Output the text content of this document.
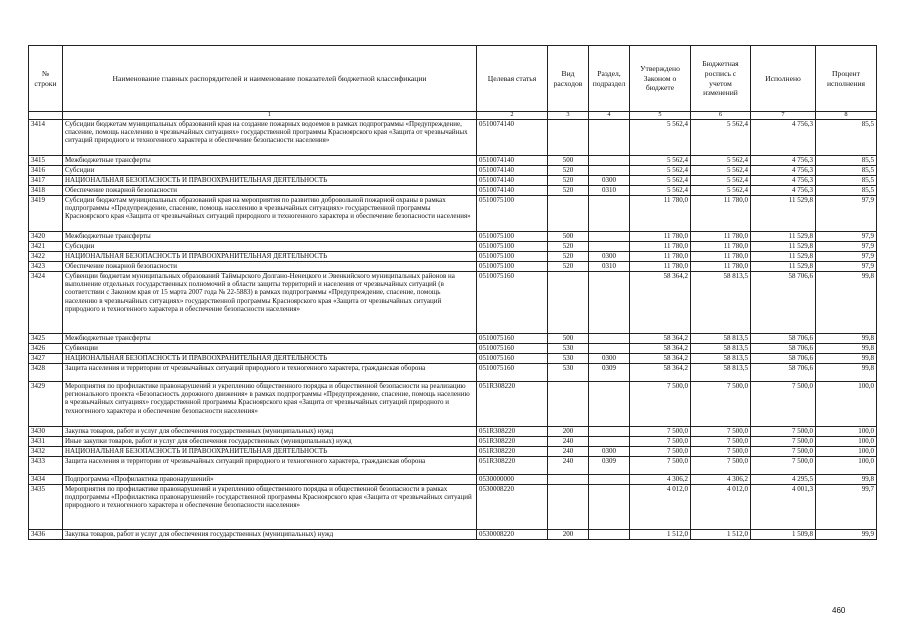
№ строки	Наименование главных распорядителей и наименование показателей бюджетной классификации	Целевая статья	Вид расходов	Раздел, подраздел	Утверждено Законом о бюджете	Бюджетная роспись с учетом изменений	Исполнено	Процент исполнения
	1	2	3	4	5	6	7	8
3414	Субсидии бюджетам муниципальных образований края на создание пожарных водоемов в рамках подпрограммы «Предупреждение, спасение, помощь населению в чрезвычайных ситуациях» государственной программы Красноярского края «Защита от чрезвычайных ситуаций природного и техногенного характера и обеспечение безопасности населения»	0510074140			5 562,4	5 562,4	4 756,3	85,5
3415	Межбюджетные трансферты	0510074140	500		5 562,4	5 562,4	4 756,3	85,5
3416	Субсидии	0510074140	520		5 562,4	5 562,4	4 756,3	85,5
3417	НАЦИОНАЛЬНАЯ БЕЗОПАСНОСТЬ И ПРАВООХРАНИТЕЛЬНАЯ ДЕЯТЕЛЬНОСТЬ	0510074140	520	0300	5 562,4	5 562,4	4 756,3	85,5
3418	Обеспечение пожарной безопасности	0510074140	520	0310	5 562,4	5 562,4	4 756,3	85,5
3419	Субсидии бюджетам муниципальных образований края на мероприятия по развитию добровольной пожарной охраны в рамках подпрограммы «Предупреждение, спасение, помощь населению в чрезвычайных ситуациях» государственной программы Красноярского края «Защита от чрезвычайных ситуаций природного и техногенного характера и обеспечение безопасности населения»	0510075100			11 780,0	11 780,0	11 529,8	97,9
3420	Межбюджетные трансферты	0510075100	500		11 780,0	11 780,0	11 529,8	97,9
3421	Субсидии	0510075100	520		11 780,0	11 780,0	11 529,8	97,9
3422	НАЦИОНАЛЬНАЯ БЕЗОПАСНОСТЬ И ПРАВООХРАНИТЕЛЬНАЯ ДЕЯТЕЛЬНОСТЬ	0510075100	520	0300	11 780,0	11 780,0	11 529,8	97,9
3423	Обеспечение пожарной безопасности	0510075100	520	0310	11 780,0	11 780,0	11 529,8	97,9
3424	Субвенции бюджетам муниципальных образований Таймырского Долгано-Ненецкого и Эвенкийского муниципальных районов на выполнение отдельных государственных полномочий в области защиты территорий и населения от чрезвычайных ситуаций (в соответствии с Законом края от 15 марта 2007 года № 22-5883) в рамках подпрограммы «Предупреждение, спасение, помощь населению в чрезвычайных ситуациях» государственной программы Красноярского края «Защита от чрезвычайных ситуаций природного и техногенного характера и обеспечение безопасности населения»	0510075160			58 364,2	58 813,5	58 706,6	99,8
3425	Межбюджетные трансферты	0510075160	500		58 364,2	58 813,5	58 706,6	99,8
3426	Субвенции	0510075160	530		58 364,2	58 813,5	58 706,6	99,8
3427	НАЦИОНАЛЬНАЯ БЕЗОПАСНОСТЬ И ПРАВООХРАНИТЕЛЬНАЯ ДЕЯТЕЛЬНОСТЬ	0510075160	530	0300	58 364,2	58 813,5	58 706,6	99,8
3428	Защита населения и территории от чрезвычайных ситуаций природного и техногенного характера, гражданская оборона	0510075160	530	0309	58 364,2	58 813,5	58 706,6	99,8
3429	Мероприятия по профилактике правонарушений и укреплению общественного порядка и общественной безопасности на реализацию регионального проекта «Безопасность дорожного движения» в рамках подпрограммы «Предупреждение, спасение, помощь населению в чрезвычайных ситуациях» государственной программы Красноярского края «Защита от чрезвычайных ситуаций природного и техногенного характера и обеспечение безопасности населения»	051R308220			7 500,0	7 500,0	7 500,0	100,0
3430	Закупка товаров, работ и услуг для обеспечения государственных (муниципальных) нужд	051R308220	200		7 500,0	7 500,0	7 500,0	100,0
3431	Иные закупки товаров, работ и услуг для обеспечения государственных (муниципальных) нужд	051R308220	240		7 500,0	7 500,0	7 500,0	100,0
3432	НАЦИОНАЛЬНАЯ БЕЗОПАСНОСТЬ И ПРАВООХРАНИТЕЛЬНАЯ ДЕЯТЕЛЬНОСТЬ	051R308220	240	0300	7 500,0	7 500,0	7 500,0	100,0
3433	Защита населения и территории от чрезвычайных ситуаций природного и техногенного характера, гражданская оборона	051R308220	240	0309	7 500,0	7 500,0	7 500,0	100,0
3434	Подпрограмма «Профилактика правонарушений»	0530000000			4 306,2	4 306,2	4 295,5	99,8
3435	Мероприятия по профилактике правонарушений и укреплению общественного порядка и общественной безопасности в рамках подпрограммы «Профилактика правонарушений» государственной программы Красноярского края «Защита от чрезвычайных ситуаций природного и техногенного характера и обеспечение безопасности населения»	0530008220			4 012,0	4 012,0	4 001,3	99,7
3436	Закупка товаров, работ и услуг для обеспечения государственных (муниципальных) нужд	0530008220	200		1 512,0	1 512,0	1 509,8	99,9
460
